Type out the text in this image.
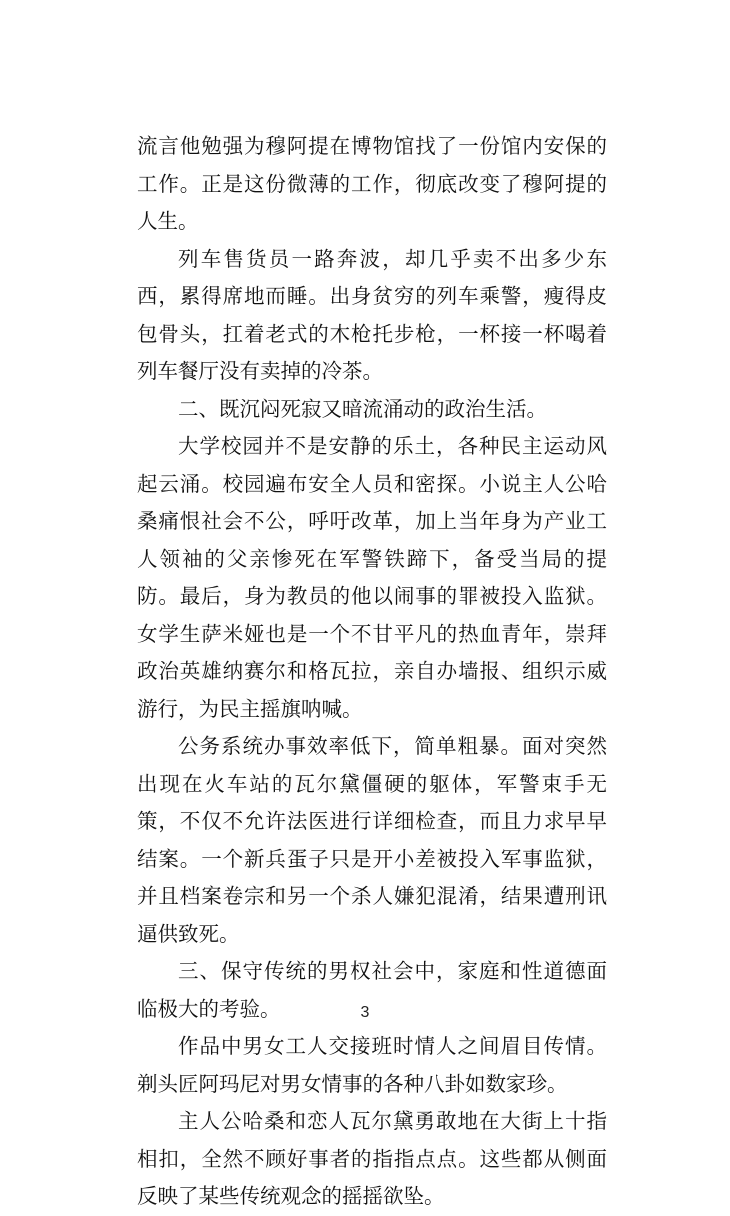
流言他勉强为穆阿提在博物馆找了一份馆内安保的工作。正是这份微薄的工作，彻底改变了穆阿提的人生。

列车售货员一路奔波，却几乎卖不出多少东西，累得席地而睡。出身贫穷的列车乘警，瘦得皮包骨头，扛着老式的木枪托步枪，一杯接一杯喝着列车餐厅没有卖掉的冷茶。

二、既沉闷死寂又暗流涌动的政治生活。

大学校园并不是安静的乐土，各种民主运动风起云涌。校园遍布安全人员和密探。小说主人公哈桑痛恨社会不公，呼吁改革，加上当年身为产业工人领袖的父亲惨死在军警铁蹄下，备受当局的提防。最后，身为教员的他以闹事的罪被投入监狱。女学生萨米娅也是一个不甘平凡的热血青年，崇拜政治英雄纳赛尔和格瓦拉，亲自办墙报、组织示威游行，为民主摇旗呐喊。

公务系统办事效率低下，简单粗暴。面对突然出现在火车站的瓦尔黛僵硬的躯体，军警束手无策，不仅不允许法医进行详细检查，而且力求早早结案。一个新兵蛋子只是开小差被投入军事监狱，并且档案卷宗和另一个杀人嫌犯混淆，结果遭刑讯逼供致死。

三、保守传统的男权社会中，家庭和性道德面临极大的考验。

作品中男女工人交接班时情人之间眉目传情。剃头匠阿玛尼对男女情事的各种八卦如数家珍。

主人公哈桑和恋人瓦尔黛勇敢地在大街上十指相扣，全然不顾好事者的指指点点。这些都从侧面反映了某些传统观念的摇摇欲坠。

3
